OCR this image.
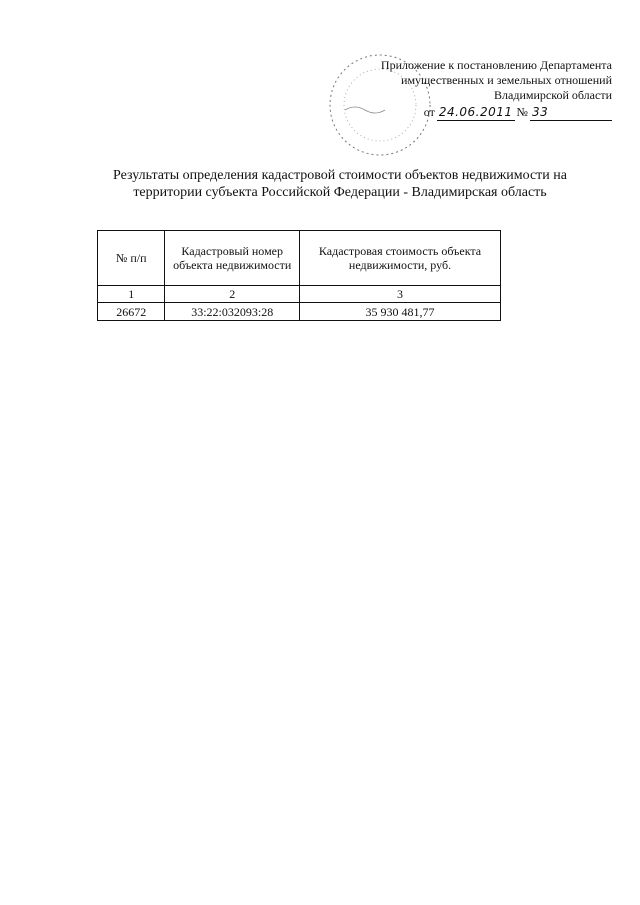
Приложение к постановлению Департамента
имущественных и земельных отношений
Владимирской области
от 24.06.2011 № 33
Результаты определения кадастровой стоимости объектов недвижимости на
территории субъекта Российской Федерации - Владимирская область
№ п/п	Кадастровый номер объекта недвижимости	Кадастровая стоимость объекта недвижимости, руб.
1	2	3
26672	33:22:032093:28	35 930 481,77
